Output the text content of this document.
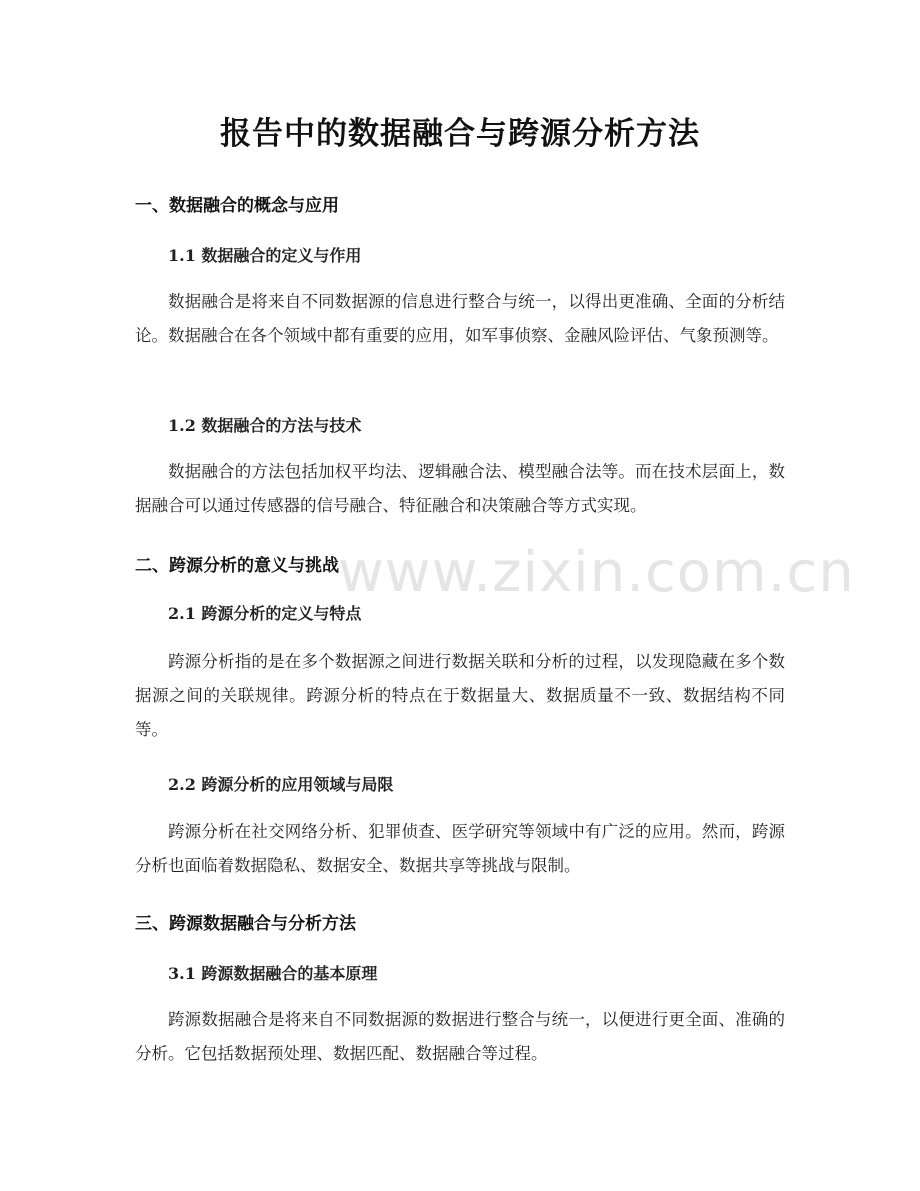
报告中的数据融合与跨源分析方法
一、数据融合的概念与应用
1.1 数据融合的定义与作用

数据融合是将来自不同数据源的信息进行整合与统一，以得出更准确、全面的分析结论。数据融合在各个领域中都有重要的应用，如军事侦察、金融风险评估、气象预测等。

1.2 数据融合的方法与技术

数据融合的方法包括加权平均法、逻辑融合法、模型融合法等。而在技术层面上，数据融合可以通过传感器的信号融合、特征融合和决策融合等方式实现。

二、跨源分析的意义与挑战
2.1 跨源分析的定义与特点

跨源分析指的是在多个数据源之间进行数据关联和分析的过程，以发现隐藏在多个数据源之间的关联规律。跨源分析的特点在于数据量大、数据质量不一致、数据结构不同等。

2.2 跨源分析的应用领域与局限

跨源分析在社交网络分析、犯罪侦查、医学研究等领域中有广泛的应用。然而，跨源分析也面临着数据隐私、数据安全、数据共享等挑战与限制。

三、跨源数据融合与分析方法
3.1 跨源数据融合的基本原理

跨源数据融合是将来自不同数据源的数据进行整合与统一，以便进行更全面、准确的分析。它包括数据预处理、数据匹配、数据融合等过程。

www.zixin.com.cn
